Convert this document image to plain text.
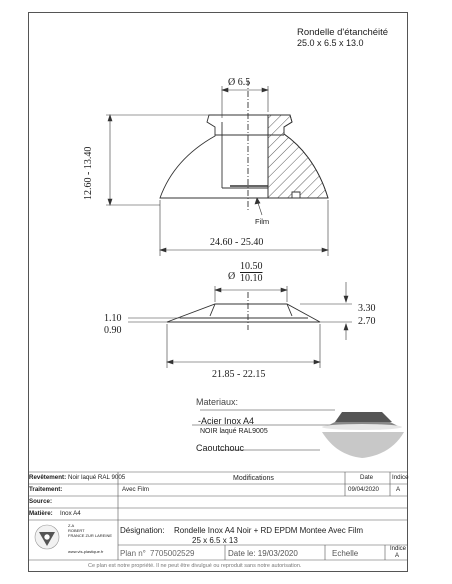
Rondelle d'étanchéité
25.0 x 6.5 x 13.0
Ø 6.5
12.60 - 13.40
Film
24.60 - 25.40
10.50
Ø 10.10
3.30
2.70
1.10
0.90
21.85 - 22.15
Materiaux:
-Acier Inox A4
NOIR laqué RAL9005
Caoutchouc
Revêtement: Noir laqué RAL 9005	Modifications	Date	Indice
Traitement:	Avec Film	09/04/2020	A
Source:
Matière: Inox A4
Z.A
ROBERT
FRANCE ZUR LAREINE
www.vis-plastique.fr
Désignation: Rondelle Inox A4 Noir + RD EPDM Montee Avec Film
25 x 6.5 x 13
Plan n° 7705002529	Date le: 19/03/2020	Echelle	Indice
A
Ce plan est notre propriété. Il ne peut être divulgué ou reproduit sans notre autorisation.
